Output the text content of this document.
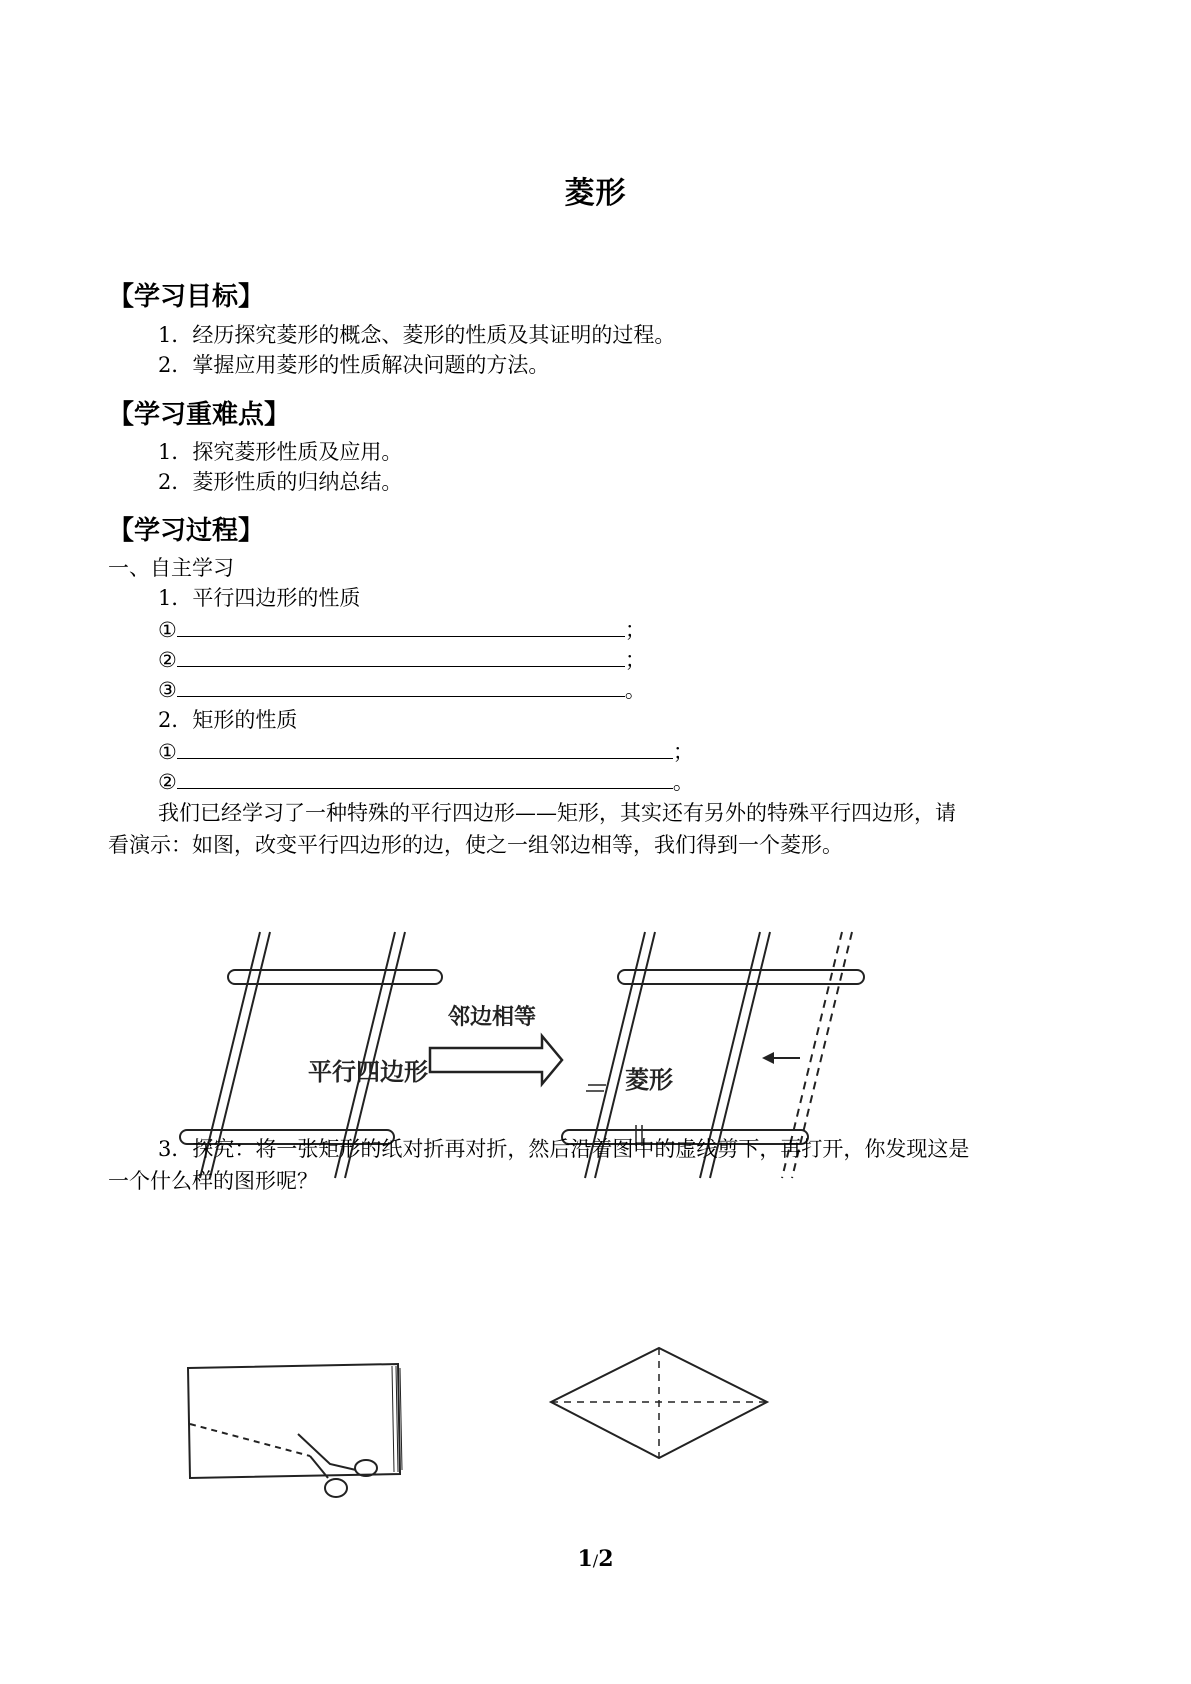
菱形
【学习目标】
1．经历探究菱形的概念、菱形的性质及其证明的过程。
2．掌握应用菱形的性质解决问题的方法。
【学习重难点】
1．探究菱形性质及应用。
2．菱形性质的归纳总结。
【学习过程】
一、自主学习
1．平行四边形的性质
①	；
②	；
③	。
2．矩形的性质
①	；
②	。
我们已经学习了一种特殊的平行四边形——矩形，其实还有另外的特殊平行四边形，请
看演示：如图，改变平行四边形的边，使之一组邻边相等，我们得到一个菱形。
平行四边形
邻边相等
菱形
3．探究：将一张矩形的纸对折再对折，然后沿着图中的虚线剪下，再打开，你发现这是
一个什么样的图形呢？
1/2
